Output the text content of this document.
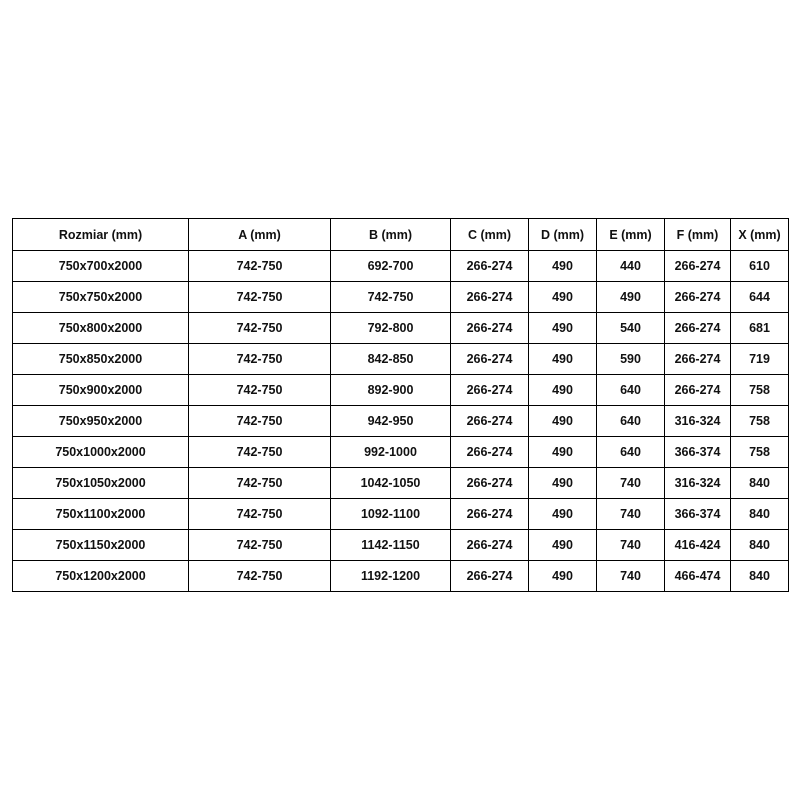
Rozmiar (mm)	A (mm)	B (mm)	C (mm)	D (mm)	E (mm)	F (mm)	X (mm)
750x700x2000	742-750	692-700	266-274	490	440	266-274	610
750x750x2000	742-750	742-750	266-274	490	490	266-274	644
750x800x2000	742-750	792-800	266-274	490	540	266-274	681
750x850x2000	742-750	842-850	266-274	490	590	266-274	719
750x900x2000	742-750	892-900	266-274	490	640	266-274	758
750x950x2000	742-750	942-950	266-274	490	640	316-324	758
750x1000x2000	742-750	992-1000	266-274	490	640	366-374	758
750x1050x2000	742-750	1042-1050	266-274	490	740	316-324	840
750x1100x2000	742-750	1092-1100	266-274	490	740	366-374	840
750x1150x2000	742-750	1142-1150	266-274	490	740	416-424	840
750x1200x2000	742-750	1192-1200	266-274	490	740	466-474	840
